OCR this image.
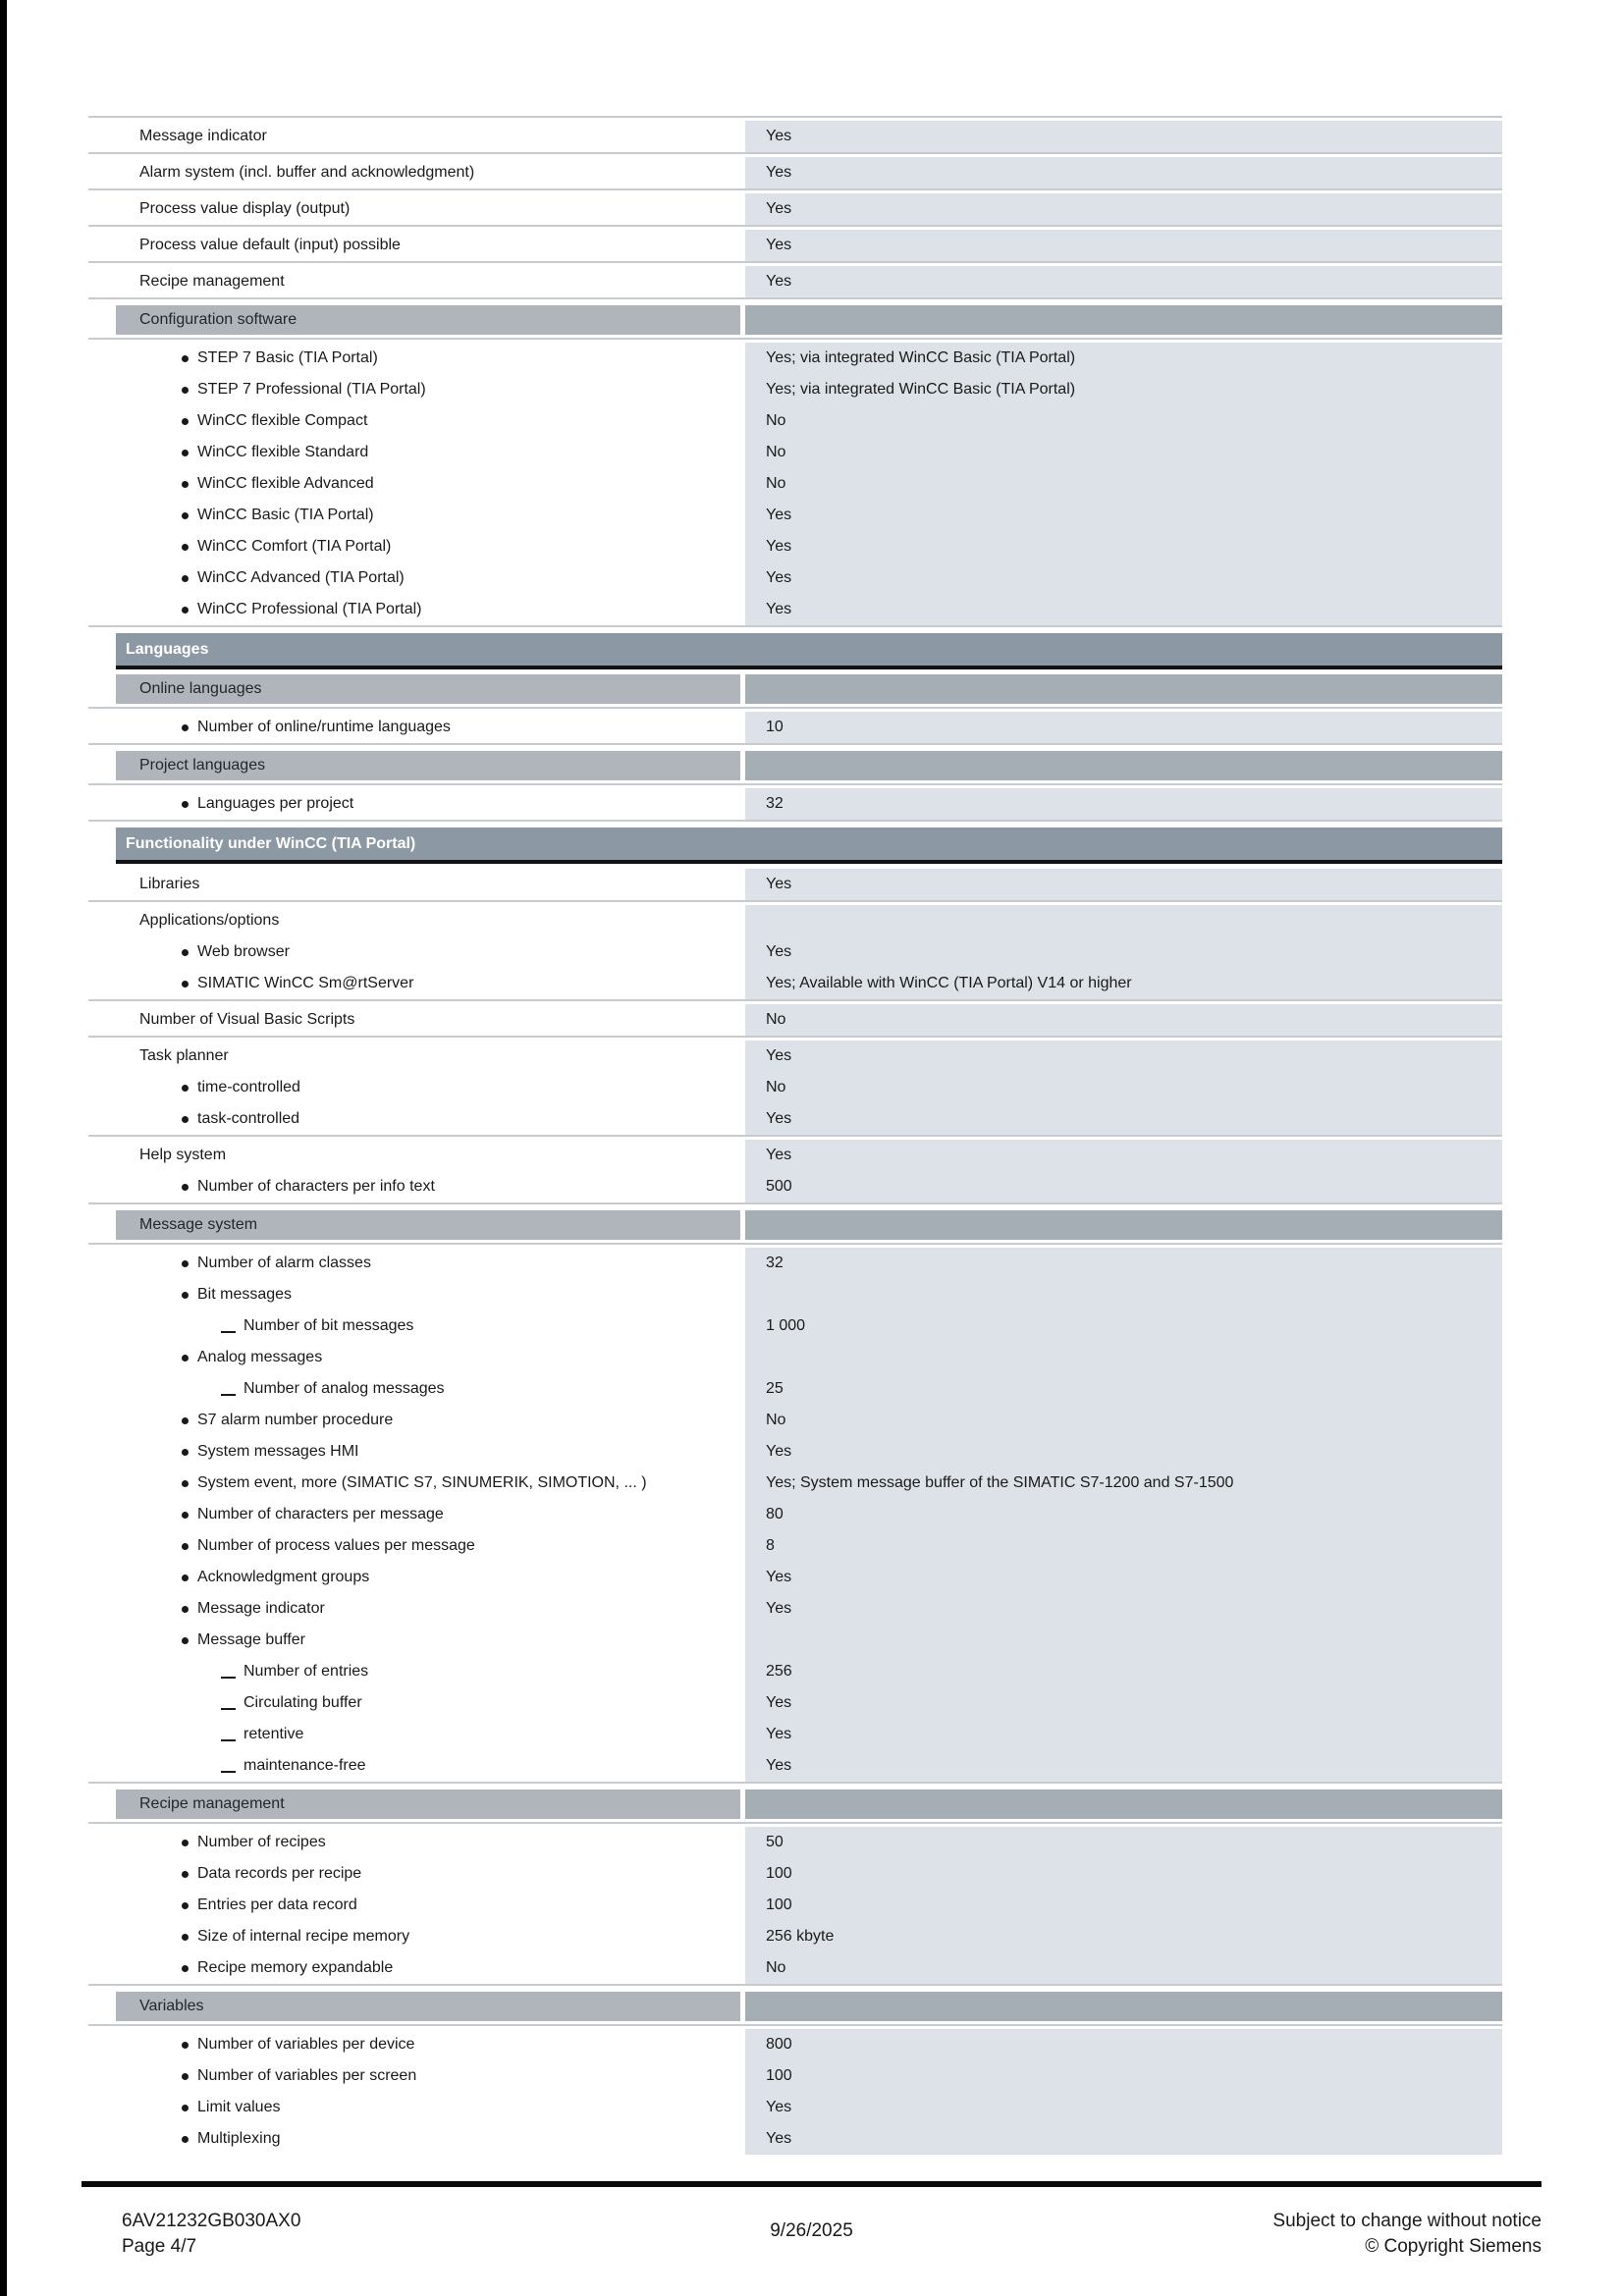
Message indicator	Yes
Alarm system (incl. buffer and acknowledgment)	Yes
Process value display (output)	Yes
Process value default (input) possible	Yes
Recipe management	Yes
Configuration software
STEP 7 Basic (TIA Portal)	Yes; via integrated WinCC Basic (TIA Portal)
STEP 7 Professional (TIA Portal)	Yes; via integrated WinCC Basic (TIA Portal)
WinCC flexible Compact	No
WinCC flexible Standard	No
WinCC flexible Advanced	No
WinCC Basic (TIA Portal)	Yes
WinCC Comfort (TIA Portal)	Yes
WinCC Advanced (TIA Portal)	Yes
WinCC Professional (TIA Portal)	Yes
Languages
Online languages
Number of online/runtime languages	10
Project languages
Languages per project	32
Functionality under WinCC (TIA Portal)
Libraries	Yes
Applications/options
Web browser	Yes
SIMATIC WinCC Sm@rtServer	Yes; Available with WinCC (TIA Portal) V14 or higher
Number of Visual Basic Scripts	No
Task planner	Yes
time-controlled	No
task-controlled	Yes
Help system	Yes
Number of characters per info text	500
Message system
Number of alarm classes	32
Bit messages
Number of bit messages	1 000
Analog messages
Number of analog messages	25
S7 alarm number procedure	No
System messages HMI	Yes
System event, more (SIMATIC S7, SINUMERIK, SIMOTION, ... )	Yes; System message buffer of the SIMATIC S7-1200 and S7-1500
Number of characters per message	80
Number of process values per message	8
Acknowledgment groups	Yes
Message indicator	Yes
Message buffer
Number of entries	256
Circulating buffer	Yes
retentive	Yes
maintenance-free	Yes
Recipe management
Number of recipes	50
Data records per recipe	100
Entries per data record	100
Size of internal recipe memory	256 kbyte
Recipe memory expandable	No
Variables
Number of variables per device	800
Number of variables per screen	100
Limit values	Yes
Multiplexing	Yes
6AV21232GB030AX0
Page 4/7
9/26/2025	Subject to change without notice
© Copyright Siemens
